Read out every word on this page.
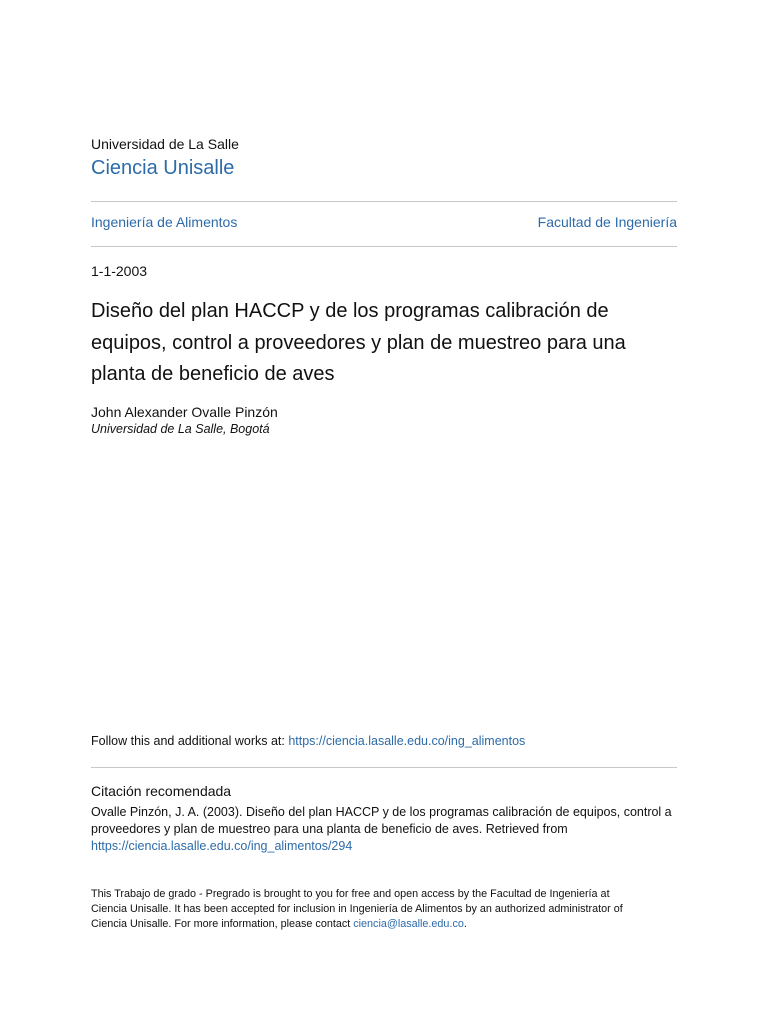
Universidad de La Salle
Ciencia Unisalle
Ingeniería de Alimentos	Facultad de Ingeniería
1-1-2003
Diseño del plan HACCP y de los programas calibración de equipos, control a proveedores y plan de muestreo para una planta de beneficio de aves
John Alexander Ovalle Pinzón
Universidad de La Salle, Bogotá
Follow this and additional works at: https://ciencia.lasalle.edu.co/ing_alimentos
Citación recomendada
Ovalle Pinzón, J. A. (2003). Diseño del plan HACCP y de los programas calibración de equipos, control a
proveedores y plan de muestreo para una planta de beneficio de aves. Retrieved from
https://ciencia.lasalle.edu.co/ing_alimentos/294
This Trabajo de grado - Pregrado is brought to you for free and open access by the Facultad de Ingeniería at
Ciencia Unisalle. It has been accepted for inclusion in Ingeniería de Alimentos by an authorized administrator of
Ciencia Unisalle. For more information, please contact ciencia@lasalle.edu.co.
